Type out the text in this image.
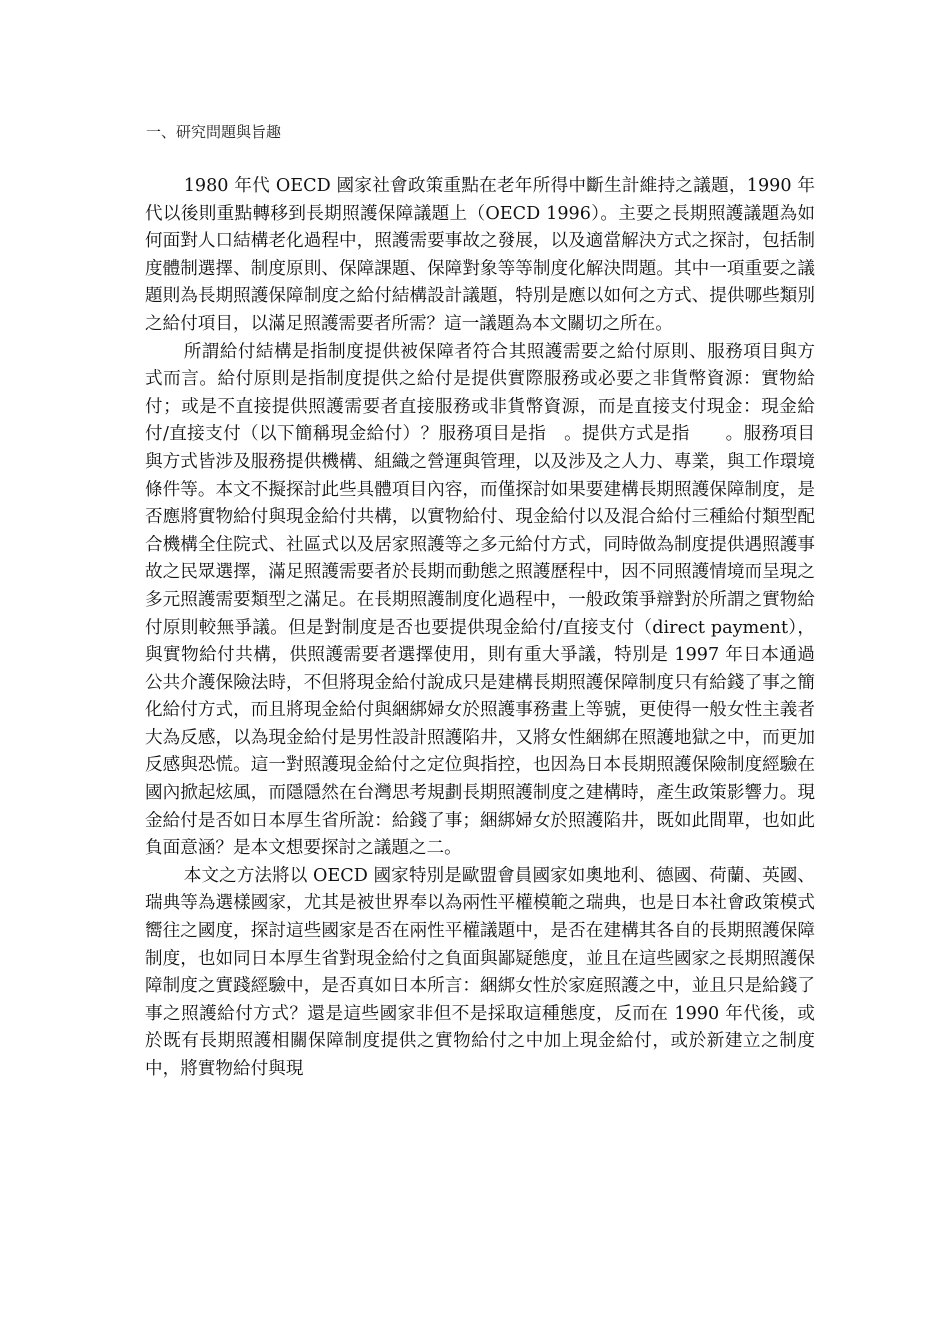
一、研究問題與旨趣

1980 年代 OECD 國家社會政策重點在老年所得中斷生計維持之議題，1990 年代以後則重點轉移到長期照護保障議題上（OECD 1996）。主要之長期照護議題為如何面對人口結構老化過程中，照護需要事故之發展，以及適當解決方式之探討，包括制度體制選擇、制度原則、保障課題、保障對象等等制度化解決問題。其中一項重要之議題則為長期照護保障制度之給付結構設計議題，特別是應以如何之方式、提供哪些類別之給付項目，以滿足照護需要者所需？這一議題為本文關切之所在。

所謂給付結構是指制度提供被保障者符合其照護需要之給付原則、服務項目與方式而言。給付原則是指制度提供之給付是提供實際服務或必要之非貨幣資源：實物給付；或是不直接提供照護需要者直接服務或非貨幣資源，而是直接支付現金：現金給付/直接支付（以下簡稱現金給付）？服務項目是指　。提供方式是指　　。服務項目與方式皆涉及服務提供機構、組織之營運與管理，以及涉及之人力、專業，與工作環境條件等。本文不擬探討此些具體項目內容，而僅探討如果要建構長期照護保障制度，是否應將實物給付與現金給付共構，以實物給付、現金給付以及混合給付三種給付類型配合機構全住院式、社區式以及居家照護等之多元給付方式，同時做為制度提供遇照護事故之民眾選擇，滿足照護需要者於長期而動態之照護歷程中，因不同照護情境而呈現之多元照護需要類型之滿足。在長期照護制度化過程中，一般政策爭辯對於所謂之實物給付原則較無爭議。但是對制度是否也要提供現金給付/直接支付（direct payment），與實物給付共構，供照護需要者選擇使用，則有重大爭議，特別是 1997 年日本通過公共介護保險法時，不但將現金給付說成只是建構長期照護保障制度只有給錢了事之簡化給付方式，而且將現金給付與綑綁婦女於照護事務畫上等號，更使得一般女性主義者大為反感，以為現金給付是男性設計照護陷井，又將女性綑綁在照護地獄之中，而更加反感與恐慌。這一對照護現金給付之定位與指控，也因為日本長期照護保險制度經驗在國內掀起炫風，而隱隱然在台灣思考規劃長期照護制度之建構時，產生政策影響力。現金給付是否如日本厚生省所說：給錢了事；綑綁婦女於照護陷井，既如此間單，也如此負面意涵？是本文想要探討之議題之二。

本文之方法將以 OECD 國家特別是歐盟會員國家如奧地利、德國、荷蘭、英國、瑞典等為選樣國家，尤其是被世界奉以為兩性平權模範之瑞典，也是日本社會政策模式嚮往之國度，探討這些國家是否在兩性平權議題中，是否在建構其各自的長期照護保障制度，也如同日本厚生省對現金給付之負面與鄙疑態度，並且在這些國家之長期照護保障制度之實踐經驗中，是否真如日本所言：綑綁女性於家庭照護之中，並且只是給錢了事之照護給付方式？還是這些國家非但不是採取這種態度，反而在 1990 年代後，或於既有長期照護相關保障制度提供之實物給付之中加上現金給付，或於新建立之制度中，將實物給付與現
